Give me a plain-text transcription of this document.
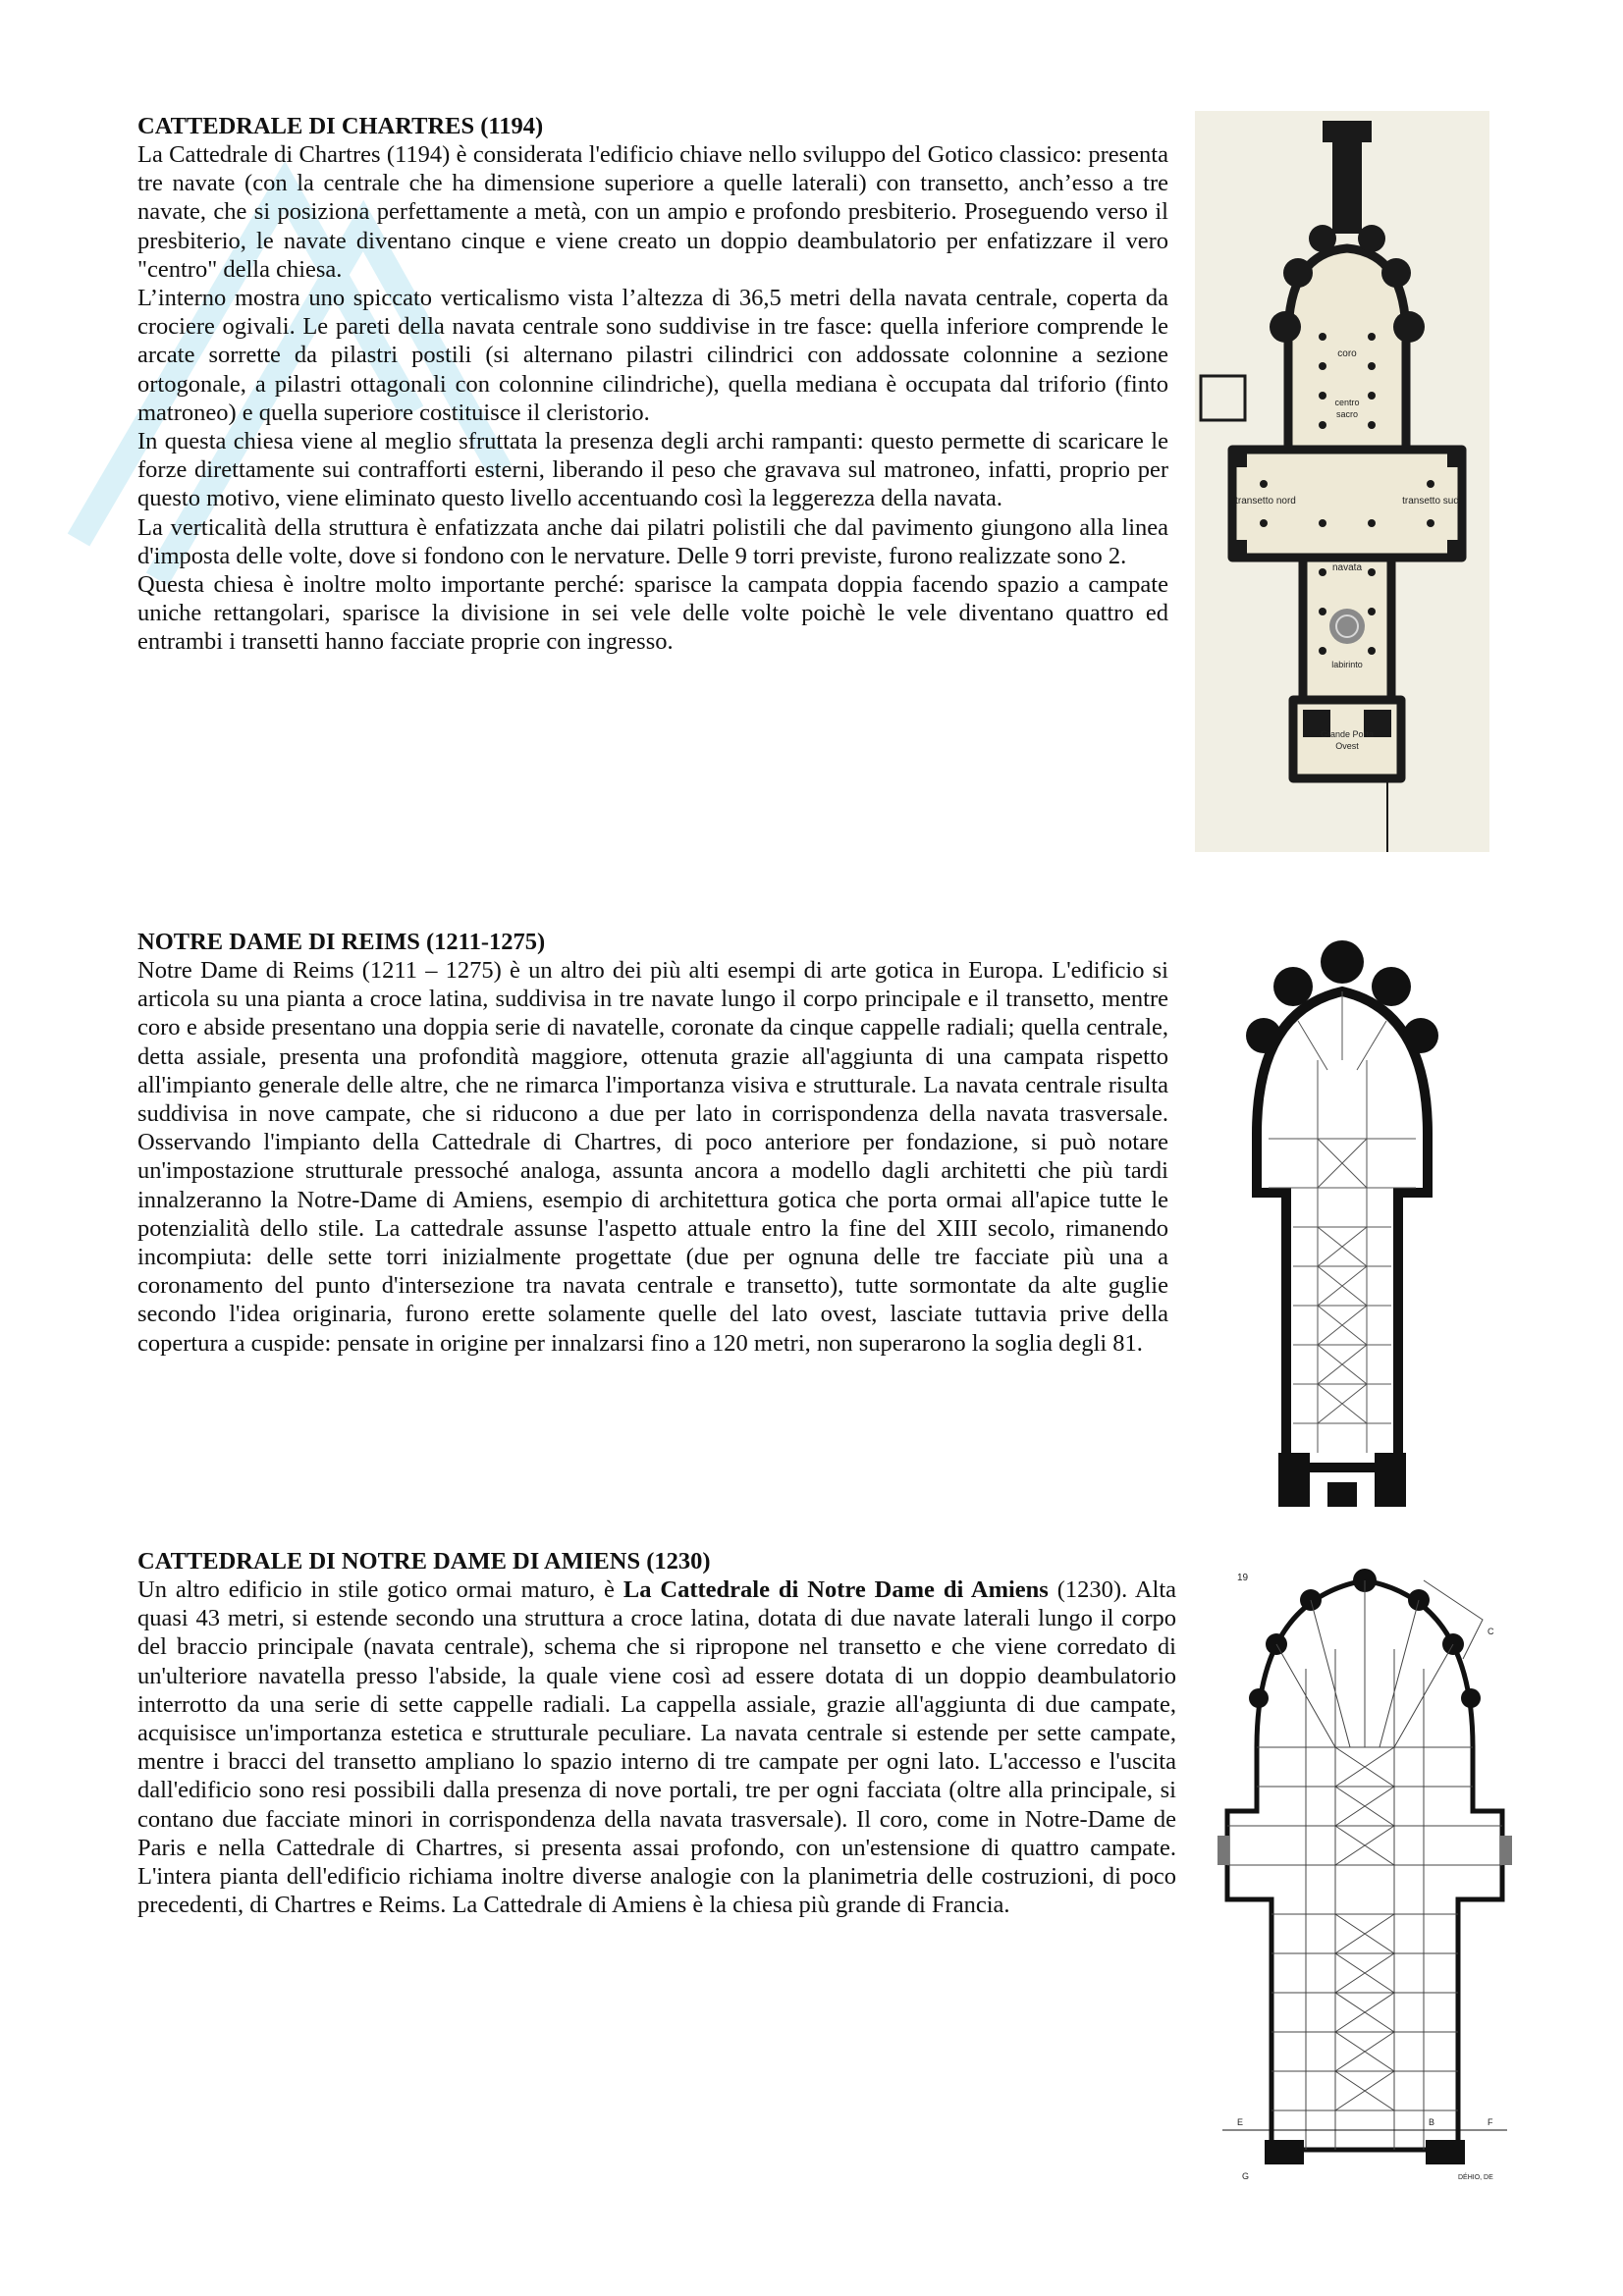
CATTEDRALE DI CHARTRES (1194)

La Cattedrale di Chartres (1194) è considerata l'edificio chiave nello sviluppo del Gotico classico: presenta tre navate (con la centrale che ha dimensione superiore a quelle laterali) con transetto, anch’esso a tre navate, che si posiziona perfettamente a metà, con un ampio e profondo presbiterio. Proseguendo verso il presbiterio, le navate diventano cinque e viene creato un doppio deambulatorio per enfatizzare il vero "centro" della chiesa.

L’interno mostra uno spiccato verticalismo vista l’altezza di 36,5 metri della navata centrale, coperta da crociere ogivali. Le pareti della navata centrale sono suddivise in tre fasce: quella inferiore comprende le arcate sorrette da pilastri postili (si alternano pilastri cilindrici con addossate colonnine a sezione ortogonale, a pilastri ottagonali con colonnine cilindriche), quella mediana è occupata dal triforio (finto matroneo) e quella superiore costituisce il cleristorio.

In questa chiesa viene al meglio sfruttata la presenza degli archi rampanti: questo permette di scaricare le forze direttamente sui contrafforti esterni, liberando il peso che gravava sul matroneo, infatti, proprio per questo motivo, viene eliminato questo livello accentuando così la leggerezza della navata.

La verticalità della struttura è enfatizzata anche dai pilatri polistili che dal pavimento giungono alla linea d'imposta delle volte, dove si fondono con le nervature. Delle 9 torri previste, furono realizzate sono 2.

Questa chiesa è inoltre molto importante perché: sparisce la campata doppia facendo spazio a campate uniche rettangolari, sparisce la divisione in sei vele delle volte poichè le vele diventano quattro ed entrambi i transetti hanno facciate proprie con ingresso.

coro
centro
sacro
transetto nord	transetto sud
navata
labirinto
Grande Porta
Ovest

NOTRE DAME DI REIMS (1211-1275)

Notre Dame di Reims (1211 – 1275) è un altro dei più alti esempi di arte gotica in Europa. L'edificio si articola su una pianta a croce latina, suddivisa in tre navate lungo il corpo principale e il transetto, mentre coro e abside presentano una doppia serie di navatelle, coronate da cinque cappelle radiali; quella centrale, detta assiale, presenta una profondità maggiore, ottenuta grazie all'aggiunta di una campata rispetto all'impianto generale delle altre, che ne rimarca l'importanza visiva e strutturale. La navata centrale risulta suddivisa in nove campate, che si riducono a due per lato in corrispondenza della navata trasversale. Osservando l'impianto della Cattedrale di Chartres, di poco anteriore per fondazione, si può notare un'impostazione strutturale pressoché analoga, assunta ancora a modello dagli architetti che più tardi innalzeranno la Notre-Dame di Amiens, esempio di architettura gotica che porta ormai all'apice tutte le potenzialità dello stile. La cattedrale assunse l'aspetto attuale entro la fine del XIII secolo, rimanendo incompiuta: delle sette torri inizialmente progettate (due per ognuna delle tre facciate più una a coronamento del punto d'intersezione tra navata centrale e transetto), tutte sormontate da alte guglie secondo l'idea originaria, furono erette solamente quelle del lato ovest, lasciate tuttavia prive della copertura a cuspide: pensate in origine per innalzarsi fino a 120 metri, non superarono la soglia degli 81.

CATTEDRALE DI NOTRE DAME DI AMIENS (1230)

Un altro edificio in stile gotico ormai maturo, è La Cattedrale di Notre Dame di Amiens (1230). Alta quasi 43 metri, si estende secondo una struttura a croce latina, dotata di due navate laterali lungo il corpo del braccio principale (navata centrale), schema che si ripropone nel transetto e che viene corredato di un'ulteriore navatella presso l'abside, la quale viene così ad essere dotata di un doppio deambulatorio interrotto da una serie di sette cappelle radiali. La cappella assiale, grazie all'aggiunta di due campate, acquisisce un'importanza estetica e strutturale peculiare. La navata centrale si estende per sette campate, mentre i bracci del transetto ampliano lo spazio interno di tre campate per ogni lato. L'accesso e l'uscita dall'edificio sono resi possibili dalla presenza di nove portali, tre per ogni facciata (oltre alla principale, si contano due facciate minori in corrispondenza della navata trasversale). Il coro, come in Notre-Dame de Paris e nella Cattedrale di Chartres, si presenta assai profondo, con un'estensione di quattro campate. L'intera pianta dell'edificio richiama inoltre diverse analogie con la planimetria delle costruzioni, di poco precedenti, di Chartres e Reims. La Cattedrale di Amiens è la chiesa più grande di Francia.

19
C
E	B	F
G	DÉHIO, DE
